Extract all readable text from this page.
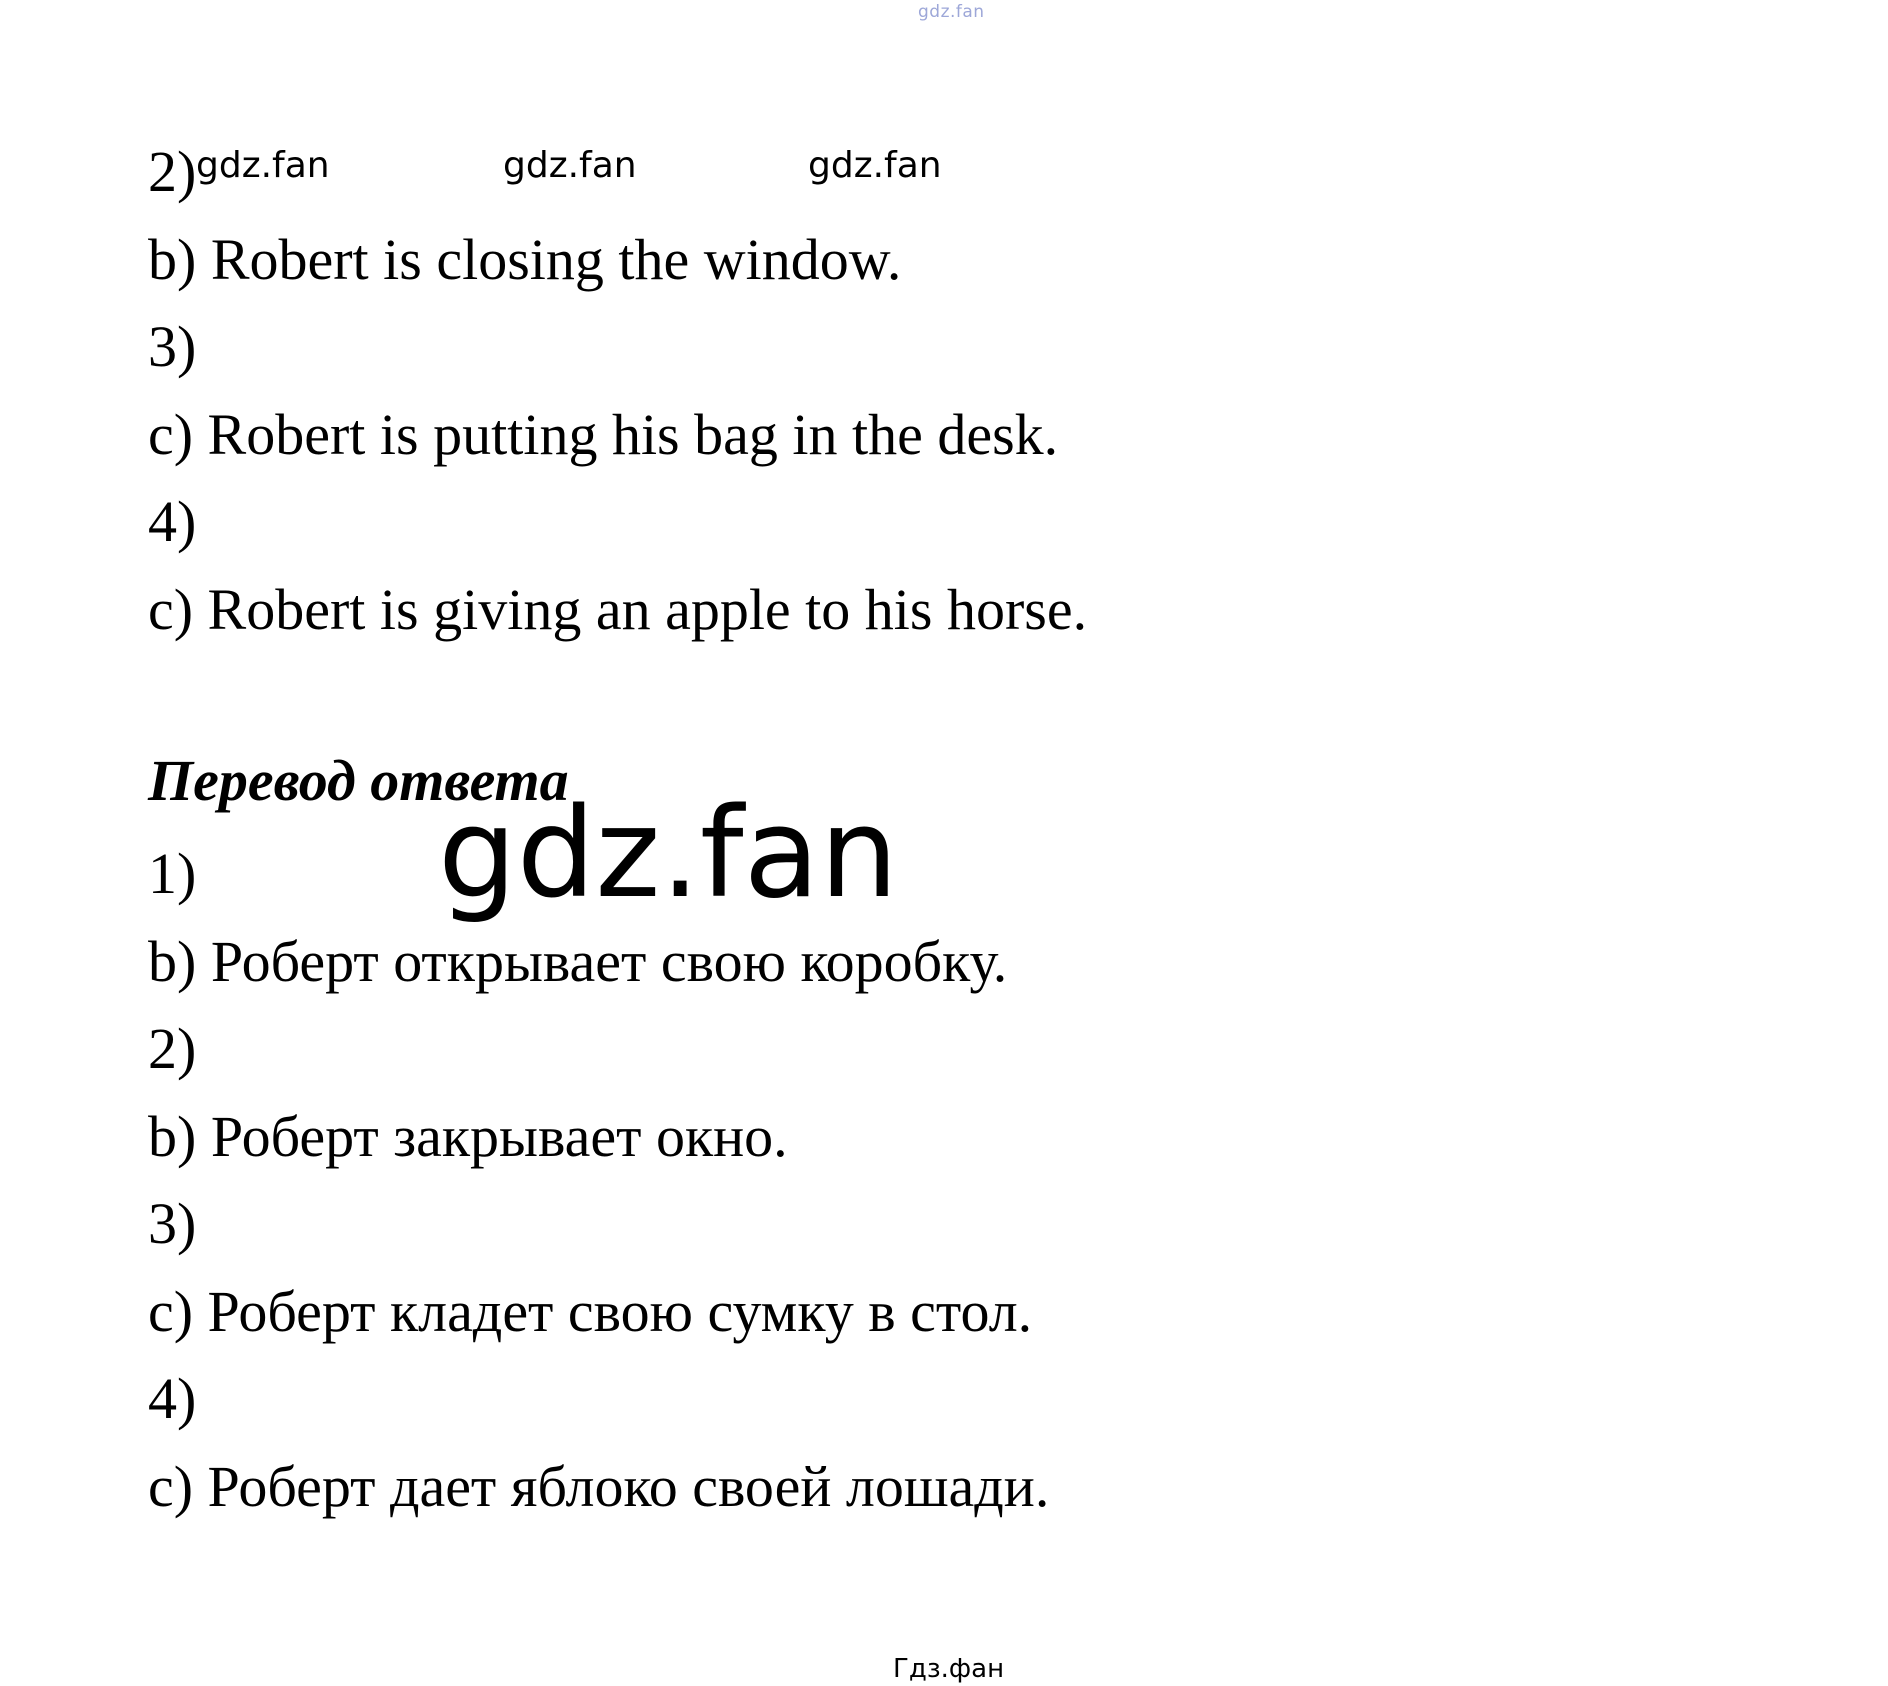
gdz.fan
2) gdz.fan	gdz.fan	gdz.fan
b) Robert is closing the window.
3)
c) Robert is putting his bag in the desk.
4)
c) Robert is giving an apple to his horse.
Перевод ответа
gdz.fan
1)
b) Роберт открывает свою коробку.
2)
b) Роберт закрывает окно.
3)
c) Роберт кладет свою сумку в стол.
4)
c) Роберт дает яблоко своей лошади.
Гдз.фан
